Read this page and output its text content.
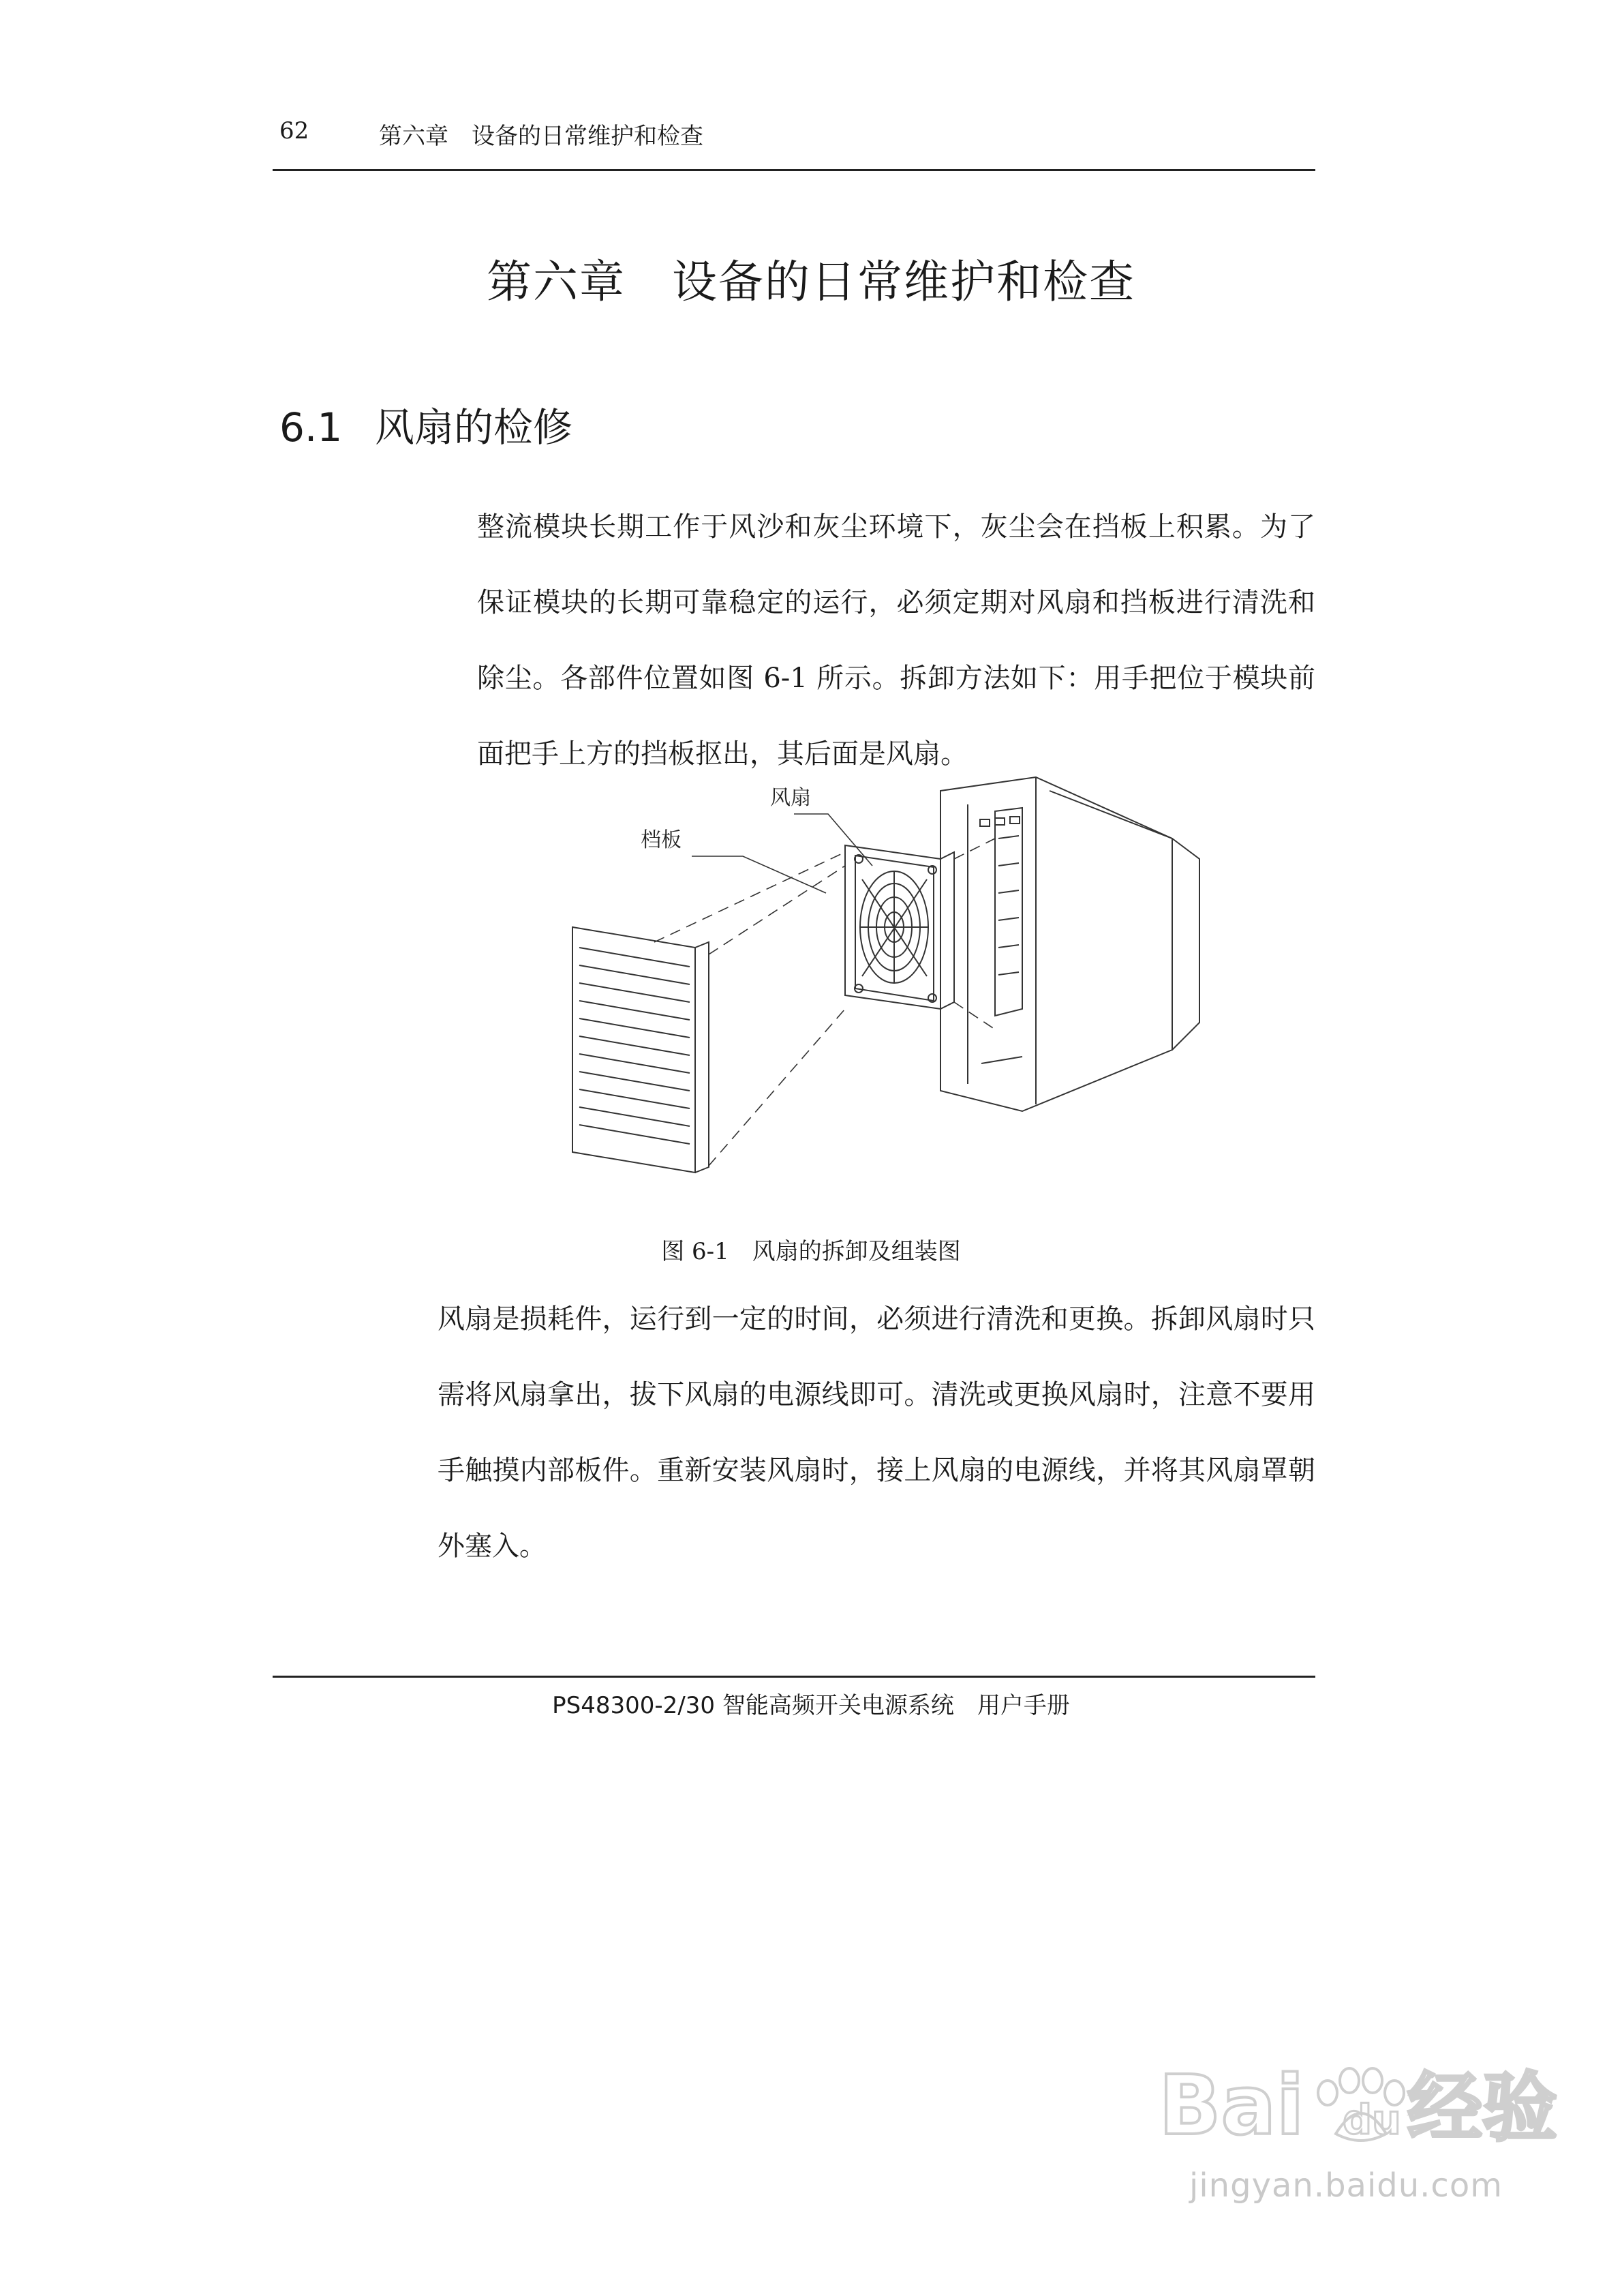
62	第六章　设备的日常维护和检查
第六章　设备的日常维护和检查
6.1 风扇的检修
整流模块长期工作于风沙和灰尘环境下，灰尘会在挡板上积累。为了保证模块的长期可靠稳定的运行，必须定期对风扇和挡板进行清洗和除尘。各部件位置如图 6-1 所示。拆卸方法如下：用手把位于模块前面把手上方的挡板抠出，其后面是风扇。
风扇
档板
图 6-1　风扇的拆卸及组装图
风扇是损耗件，运行到一定的时间，必须进行清洗和更换。拆卸风扇时只需将风扇拿出，拔下风扇的电源线即可。清洗或更换风扇时，注意不要用手触摸内部板件。重新安装风扇时，接上风扇的电源线，并将其风扇罩朝外塞入。
PS48300-2/30 智能高频开关电源系统　用户手册
Bai du 经验
jingyan.baidu.com
